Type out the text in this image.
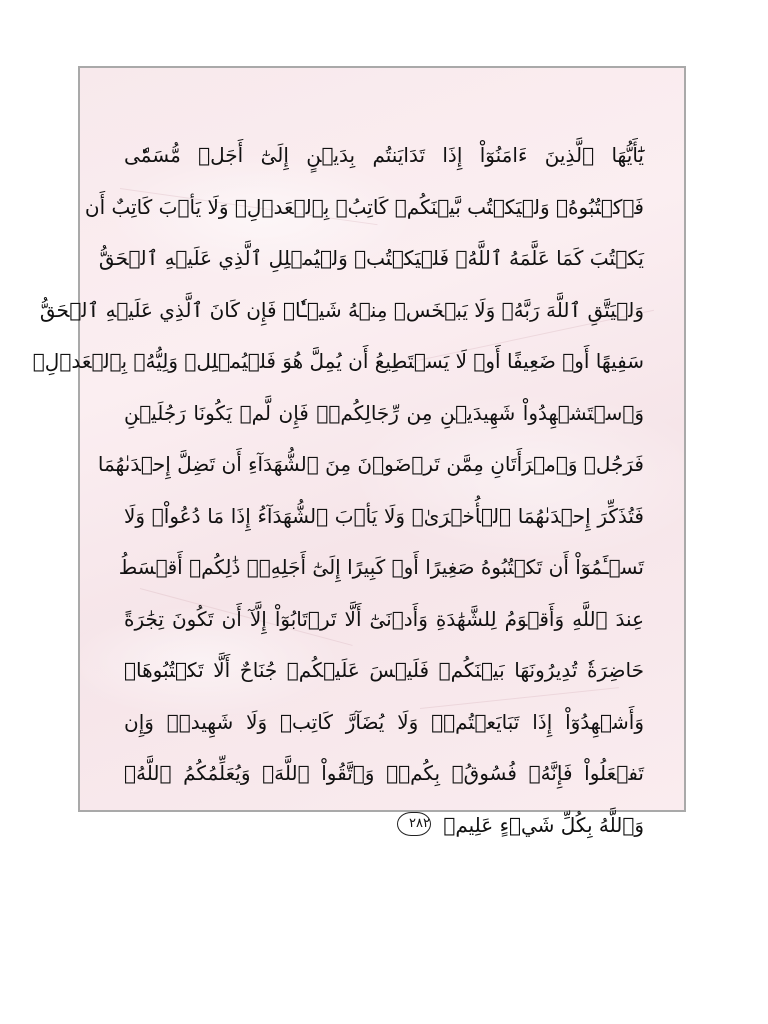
يَٰٓأَيُّهَا ٱلَّذِينَ ءَامَنُوٓاْ إِذَا تَدَايَنتُم بِدَيۡنٍ إِلَىٰٓ أَجَلٖ مُّسَمّٗى
فَٱكۡتُبُوهُۚ وَلۡيَكۡتُب بَّيۡنَكُمۡ كَاتِبُۢ بِٱلۡعَدۡلِۚ وَلَا يَأۡبَ كَاتِبٌ أَن
يَكۡتُبَ كَمَا عَلَّمَهُ ٱللَّهُۚ فَلۡيَكۡتُبۡ وَلۡيُمۡلِلِ ٱلَّذِي عَلَيۡهِ ٱلۡحَقُّ
وَلۡيَتَّقِ ٱللَّهَ رَبَّهُۥ وَلَا يَبۡخَسۡ مِنۡهُ شَيۡـٔٗاۚ فَإِن كَانَ ٱلَّذِي عَلَيۡهِ ٱلۡحَقُّ
سَفِيهًا أَوۡ ضَعِيفًا أَوۡ لَا يَسۡتَطِيعُ أَن يُمِلَّ هُوَ فَلۡيُمۡلِلۡ وَلِيُّهُۥ بِٱلۡعَدۡلِۚ
وَٱسۡتَشۡهِدُواْ شَهِيدَيۡنِ مِن رِّجَالِكُمۡۖ فَإِن لَّمۡ يَكُونَا رَجُلَيۡنِ
فَرَجُلٞ وَٱمۡرَأَتَانِ مِمَّن تَرۡضَوۡنَ مِنَ ٱلشُّهَدَآءِ أَن تَضِلَّ إِحۡدَىٰهُمَا
فَتُذَكِّرَ إِحۡدَىٰهُمَا ٱلۡأُخۡرَىٰۚ وَلَا يَأۡبَ ٱلشُّهَدَآءُ إِذَا مَا دُعُواْۚ وَلَا
تَسۡـَٔمُوٓاْ أَن تَكۡتُبُوهُ صَغِيرًا أَوۡ كَبِيرًا إِلَىٰٓ أَجَلِهِۦۚ ذَٰلِكُمۡ أَقۡسَطُ
عِندَ ٱللَّهِ وَأَقۡوَمُ لِلشَّهَٰدَةِ وَأَدۡنَىٰٓ أَلَّا تَرۡتَابُوٓاْ إِلَّآ أَن تَكُونَ تِجَٰرَةً
حَاضِرَةٗ تُدِيرُونَهَا بَيۡنَكُمۡ فَلَيۡسَ عَلَيۡكُمۡ جُنَاحٌ أَلَّا تَكۡتُبُوهَاۗ
وَأَشۡهِدُوٓاْ إِذَا تَبَايَعۡتُمۡۚ وَلَا يُضَآرَّ كَاتِبٞ وَلَا شَهِيدٞۚ وَإِن
تَفۡعَلُواْ فَإِنَّهُۥ فُسُوقُۢ بِكُمۡۗ وَٱتَّقُواْ ٱللَّهَۖ وَيُعَلِّمُكُمُ ٱللَّهُۗ
وَٱللَّهُ بِكُلِّ شَيۡءٍ عَلِيمٞ ٢٨٢
